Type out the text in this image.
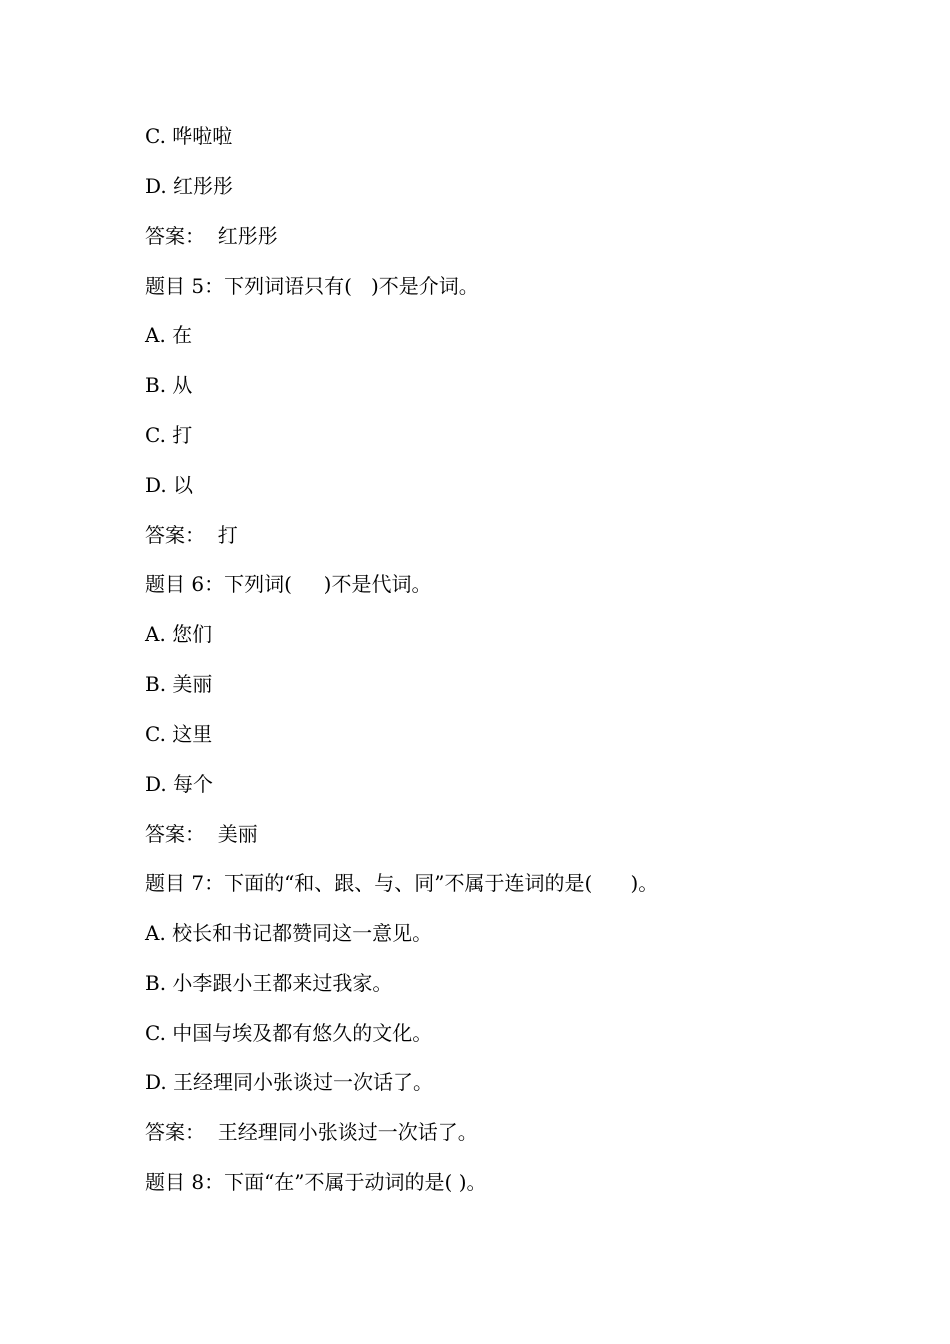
C. 哗啦啦
D. 红彤彤
答案：  红彤彤
题目 5：下列词语只有(   )不是介词。
A. 在
B. 从
C. 打
D. 以
答案：  打
题目 6：下列词(     )不是代词。
A. 您们
B. 美丽
C. 这里
D. 每个
答案：  美丽
题目 7：下面的“和、跟、与、同”不属于连词的是(      )。
A. 校长和书记都赞同这一意见。
B. 小李跟小王都来过我家。
C. 中国与埃及都有悠久的文化。
D. 王经理同小张谈过一次话了。
答案：  王经理同小张谈过一次话了。
题目 8：下面“在”不属于动词的是( )。
